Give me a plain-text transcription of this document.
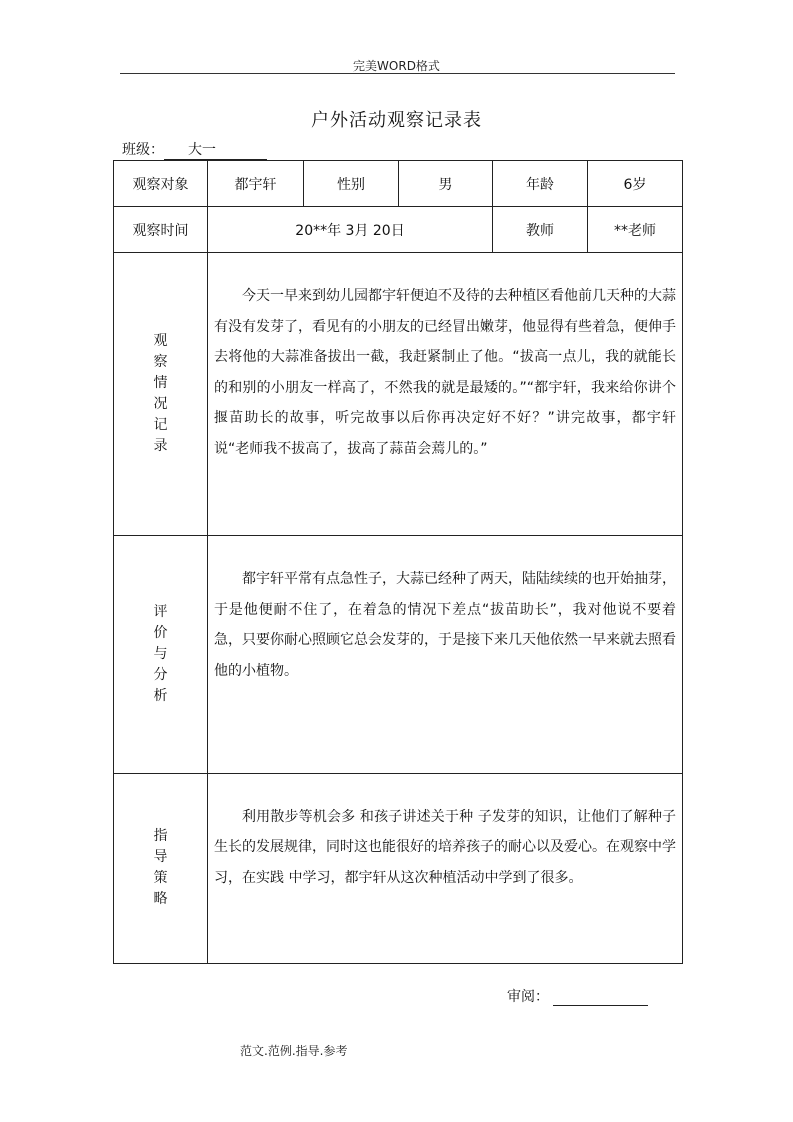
完美WORD格式
户外活动观察记录表
班级： 大一
观察对象	都宇轩	性别	男	年龄	6岁
观察时间	20**年 3月 20日			教师	**老师
观察情况记录	今天一早来到幼儿园都宇轩便迫不及待的去种植区看他前几天种的大蒜有没有发芽了，看见有的小朋友的已经冒出嫩芽，他显得有些着急，便伸手去将他的大蒜准备拔出一截，我赶紧制止了他。“拔高一点儿，我的就能长的和别的小朋友一样高了，不然我的就是最矮的。”“都宇轩，我来给你讲个揠苗助长的故事，听完故事以后你再决定好不好？”讲完故事，都宇轩说“老师我不拔高了，拔高了蒜苗会蔫儿的。”				

评价与分析	都宇轩平常有点急性子，大蒜已经种了两天，陆陆续续的也开始抽芽，于是他便耐不住了，在着急的情况下差点“拔苗助长”，我对他说不要着急，只要你耐心照顾它总会发芽的，于是接下来几天他依然一早来就去照看他的小植物。				

指导策略	利用散步等机会多 和孩子讲述关于种 子发芽的知识，让他们了解种子生长的发展规律，同时这也能很好的培养孩子的耐心以及爱心。在观察中学习，在实践 中学习，都宇轩从这次种植活动中学到了很多。				

审阅：
范文.范例.指导.参考
